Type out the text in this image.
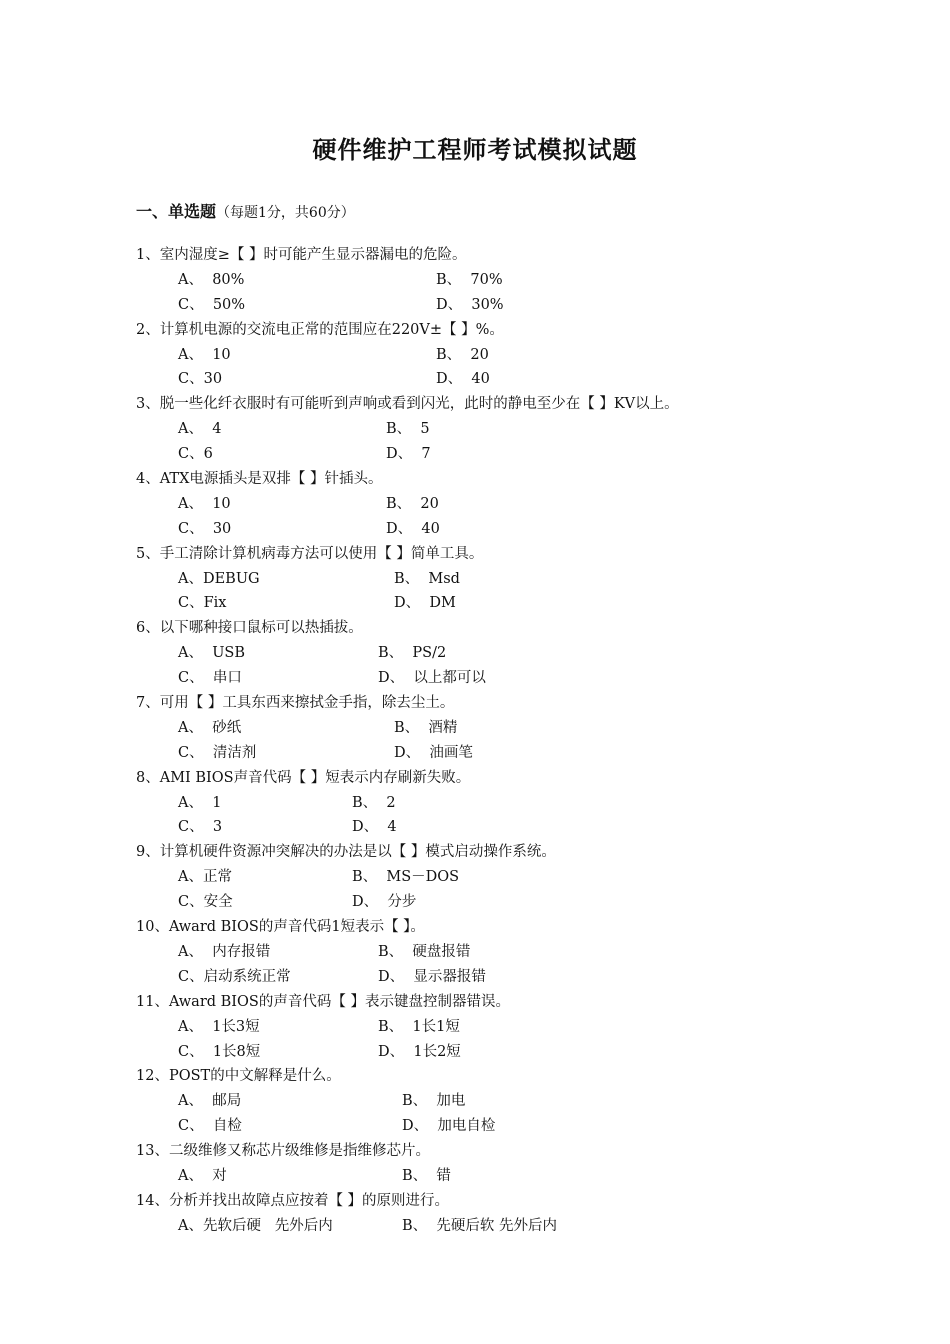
硬件维护工程师考试模拟试题
一、单选题（每题1分，共60分）
1、室内湿度≥【 】时可能产生显示器漏电的危险。
A、  80%	B、  70%
C、  50%	D、  30%
2、计算机电源的交流电正常的范围应在220V±【 】%。
A、  10	B、  20
C、30	D、  40
3、脱一些化纤衣服时有可能听到声响或看到闪光，此时的静电至少在【 】KV以上。
A、  4	B、  5
C、6	D、  7
4、ATX电源插头是双排【 】针插头。
A、  10	B、  20
C、  30	D、  40
5、手工清除计算机病毒方法可以使用【 】简单工具。
A、DEBUG	B、  Msd
C、Fix	D、  DM
6、以下哪种接口鼠标可以热插拔。
A、  USB	B、  PS/2
C、  串口	D、  以上都可以
7、可用【 】工具东西来擦拭金手指，除去尘土。
A、  砂纸	B、  酒精
C、  清洁剂	D、  油画笔
8、AMI BIOS声音代码【 】短表示内存刷新失败。
A、  1	B、  2
C、  3	D、  4
9、计算机硬件资源冲突解决的办法是以【 】模式启动操作系统。
A、正常	B、  MS－DOS
C、安全	D、  分步
10、Award BIOS的声音代码1短表示【 】。
A、  内存报错	B、  硬盘报错
C、启动系统正常	D、  显示器报错
11、Award BIOS的声音代码【 】表示键盘控制器错误。
A、  1长3短	B、  1长1短
C、  1长8短	D、  1长2短
12、POST的中文解释是什么。
A、  邮局	B、  加电
C、  自检	D、  加电自检
13、二级维修又称芯片级维修是指维修芯片。
A、  对	B、  错
14、分析并找出故障点应按着【 】的原则进行。
A、先软后硬   先外后内	B、  先硬后软 先外后内
